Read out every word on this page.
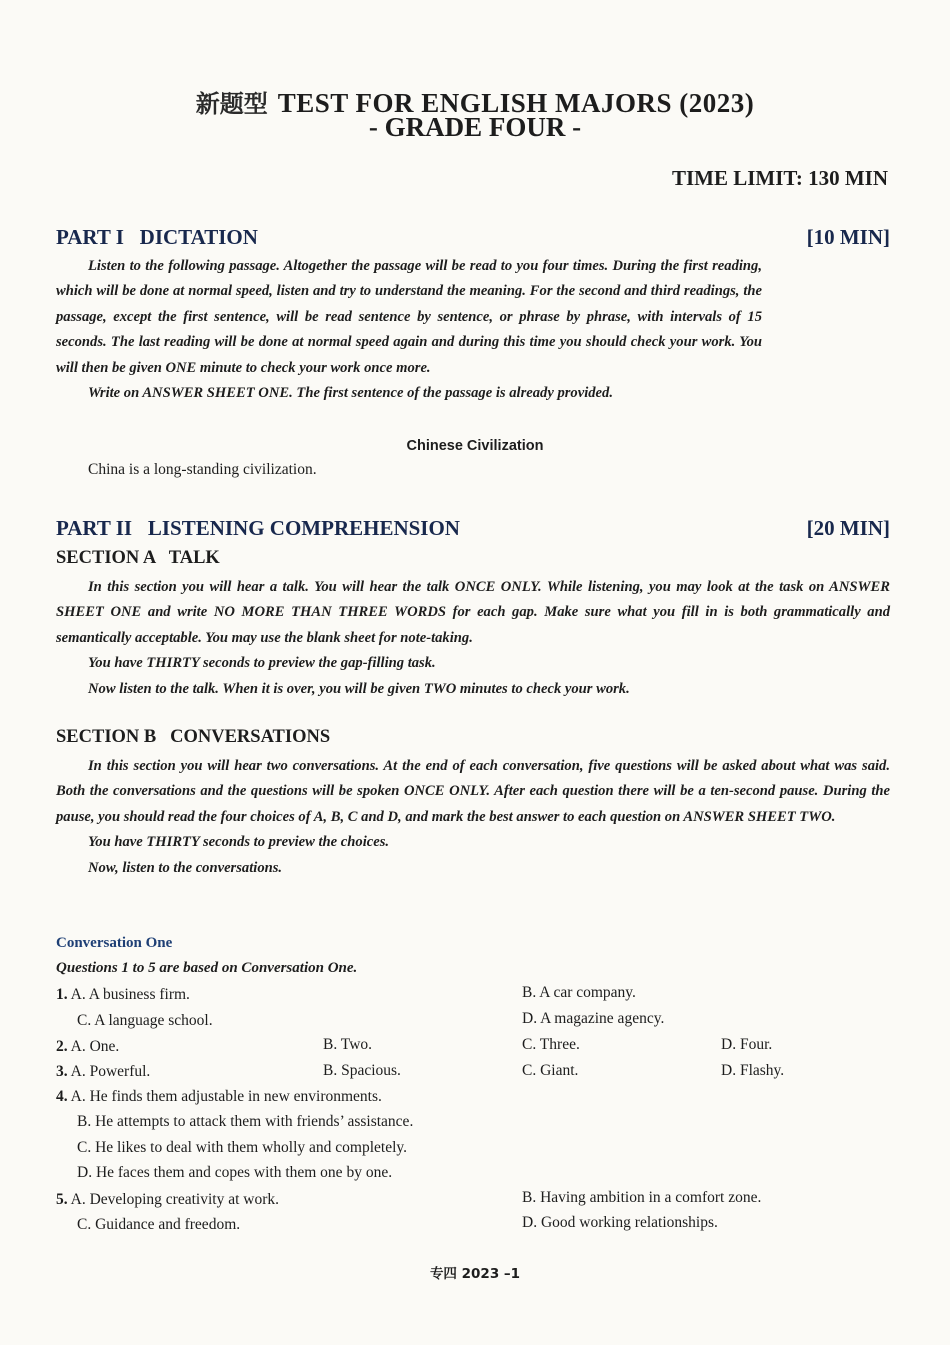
新题型 TEST FOR ENGLISH MAJORS (2023)
- GRADE FOUR -
TIME LIMIT: 130 MIN
PART I   DICTATION	[10 MIN]

Listen to the following passage. Altogether the passage will be read to you four times. During the first reading, which will be done at normal speed, listen and try to understand the meaning. For the second and third readings, the passage, except the first sentence, will be read sentence by sentence, or phrase by phrase, with intervals of 15 seconds. The last reading will be done at normal speed again and during this time you should check your work. You will then be given ONE minute to check your work once more.

Write on ANSWER SHEET ONE. The first sentence of the passage is already provided.

Chinese Civilization
China is a long-standing civilization.
PART II   LISTENING COMPREHENSION	[20 MIN]
SECTION A   TALK

In this section you will hear a talk. You will hear the talk ONCE ONLY. While listening, you may look at the task on ANSWER SHEET ONE and write NO MORE THAN THREE WORDS for each gap. Make sure what you fill in is both grammatically and semantically acceptable. You may use the blank sheet for note-taking.

You have THIRTY seconds to preview the gap-filling task.

Now listen to the talk. When it is over, you will be given TWO minutes to check your work.

SECTION B   CONVERSATIONS

In this section you will hear two conversations. At the end of each conversation, five questions will be asked about what was said. Both the conversations and the questions will be spoken ONCE ONLY. After each question there will be a ten-second pause. During the pause, you should read the four choices of A, B, C and D, and mark the best answer to each question on ANSWER SHEET TWO.

You have THIRTY seconds to preview the choices.

Now, listen to the conversations.

Conversation One
Questions 1 to 5 are based on Conversation One.
1. A. A business firm.	B. A car company.
C. A language school.	D. A magazine agency.
2. A. One.	B. Two.	C. Three.	D. Four.
3. A. Powerful.	B. Spacious.	C. Giant.	D. Flashy.
4. A. He finds them adjustable in new environments.
B. He attempts to attack them with friends’ assistance.
C. He likes to deal with them wholly and completely.
D. He faces them and copes with them one by one.
5. A. Developing creativity at work.	B. Having ambition in a comfort zone.
C. Guidance and freedom.	D. Good working relationships.
专四 2023 –1
